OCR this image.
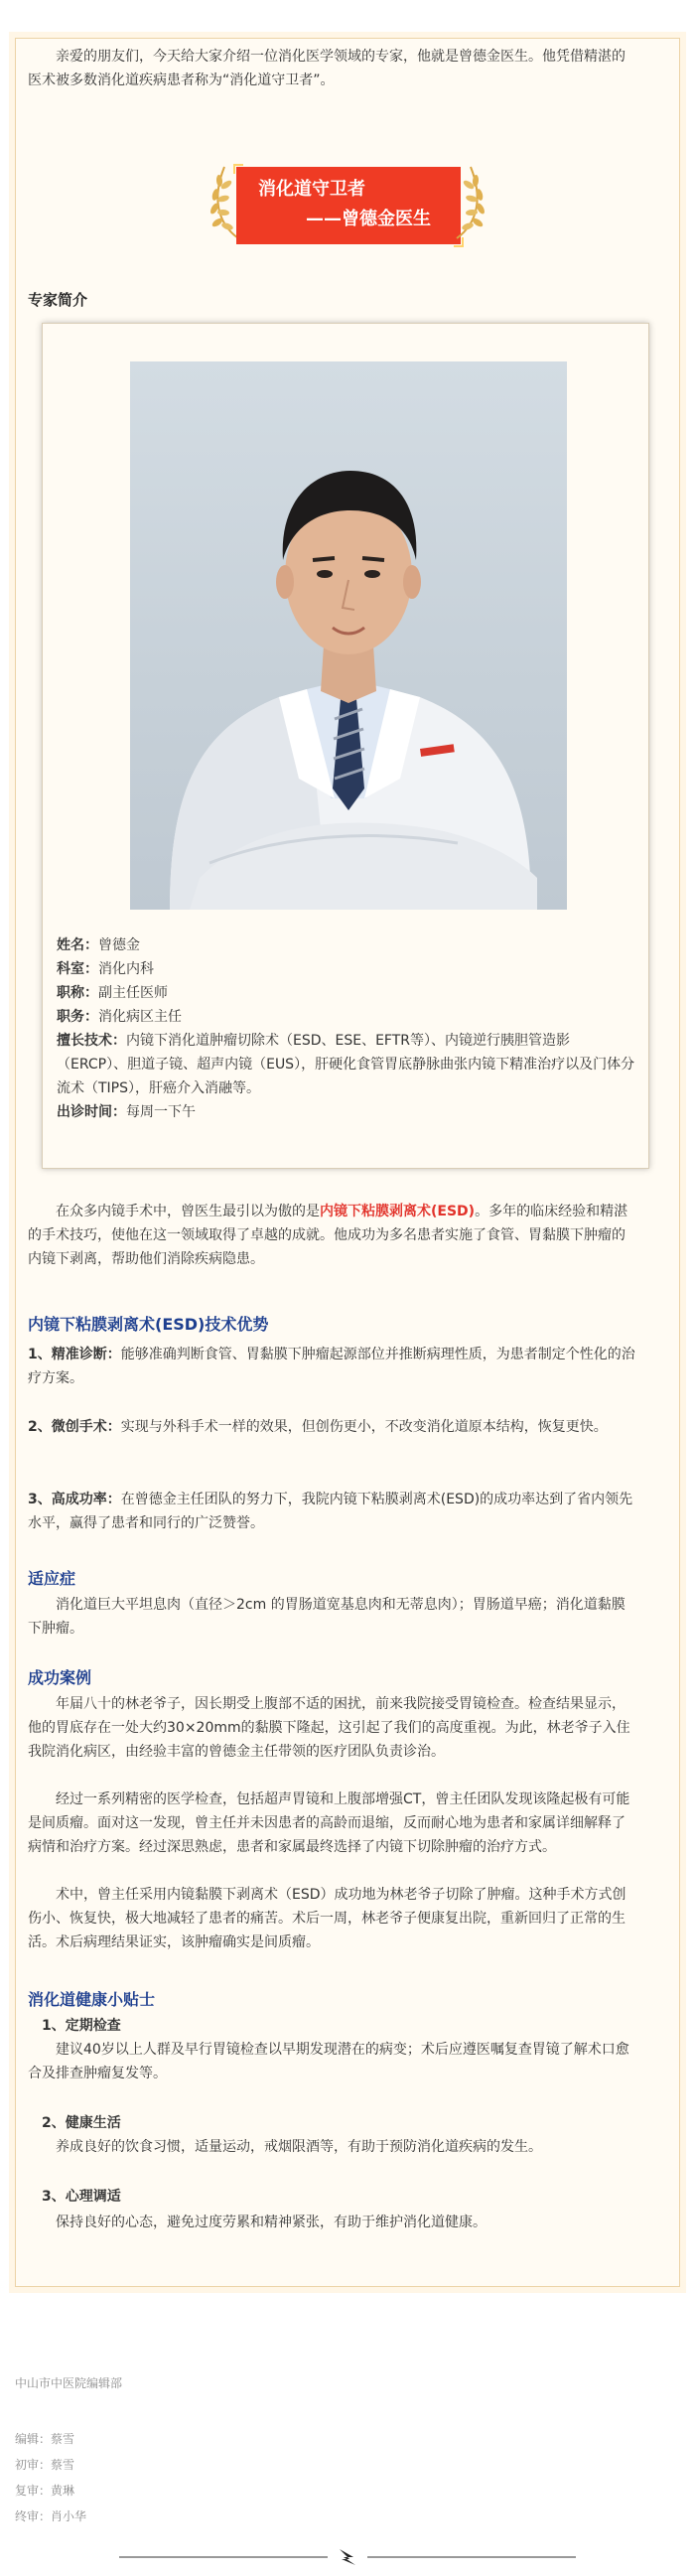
亲爱的朋友们，今天给大家介绍一位消化医学领域的专家，他就是曾德金医生。他凭借精湛的医术被多数消化道疾病患者称为“消化道守卫者”。

消化道守卫者
——曾德金医生
专家简介
姓名：曾德金
科室：消化内科
职称：副主任医师
职务：消化病区主任
擅长技术：内镜下消化道肿瘤切除术（ESD、ESE、EFTR等）、内镜逆行胰胆管造影（ERCP）、胆道子镜、超声内镜（EUS），肝硬化食管胃底静脉曲张内镜下精准治疗以及门体分流术（TIPS），肝癌介入消融等。
出诊时间：每周一下午

在众多内镜手术中，曾医生最引以为傲的是内镜下粘膜剥离术(ESD)。多年的临床经验和精湛的手术技巧，使他在这一领域取得了卓越的成就。他成功为多名患者实施了食管、胃黏膜下肿瘤的内镜下剥离，帮助他们消除疾病隐患。

内镜下粘膜剥离术(ESD)技术优势

1、精准诊断：能够准确判断食管、胃黏膜下肿瘤起源部位并推断病理性质，为患者制定个性化的治疗方案。

2、微创手术：实现与外科手术一样的效果，但创伤更小，不改变消化道原本结构，恢复更快。

3、高成功率：在曾德金主任团队的努力下，我院内镜下粘膜剥离术(ESD)的成功率达到了省内领先水平，赢得了患者和同行的广泛赞誉。

适应症

消化道巨大平坦息肉（直径＞2cm 的胃肠道宽基息肉和无蒂息肉）；胃肠道早癌；消化道黏膜下肿瘤。

成功案例

年届八十的林老爷子，因长期受上腹部不适的困扰，前来我院接受胃镜检查。检查结果显示，他的胃底存在一处大约30×20mm的黏膜下隆起，这引起了我们的高度重视。为此，林老爷子入住我院消化病区，由经验丰富的曾德金主任带领的医疗团队负责诊治。

经过一系列精密的医学检查，包括超声胃镜和上腹部增强CT，曾主任团队发现该隆起极有可能是间质瘤。面对这一发现，曾主任并未因患者的高龄而退缩，反而耐心地为患者和家属详细解释了病情和治疗方案。经过深思熟虑，患者和家属最终选择了内镜下切除肿瘤的治疗方式。

术中，曾主任采用内镜黏膜下剥离术（ESD）成功地为林老爷子切除了肿瘤。这种手术方式创伤小、恢复快，极大地减轻了患者的痛苦。术后一周，林老爷子便康复出院，重新回归了正常的生活。术后病理结果证实，该肿瘤确实是间质瘤。

消化道健康小贴士

1、定期检查

建议40岁以上人群及早行胃镜检查以早期发现潜在的病变；术后应遵医嘱复查胃镜了解术口愈合及排查肿瘤复发等。

2、健康生活

养成良好的饮食习惯，适量运动，戒烟限酒等，有助于预防消化道疾病的发生。

3、心理调适

保持良好的心态，避免过度劳累和精神紧张，有助于维护消化道健康。

中山市中医院编辑部
编辑：蔡雪
初审：蔡雪
复审：黄琳
终审：肖小华
